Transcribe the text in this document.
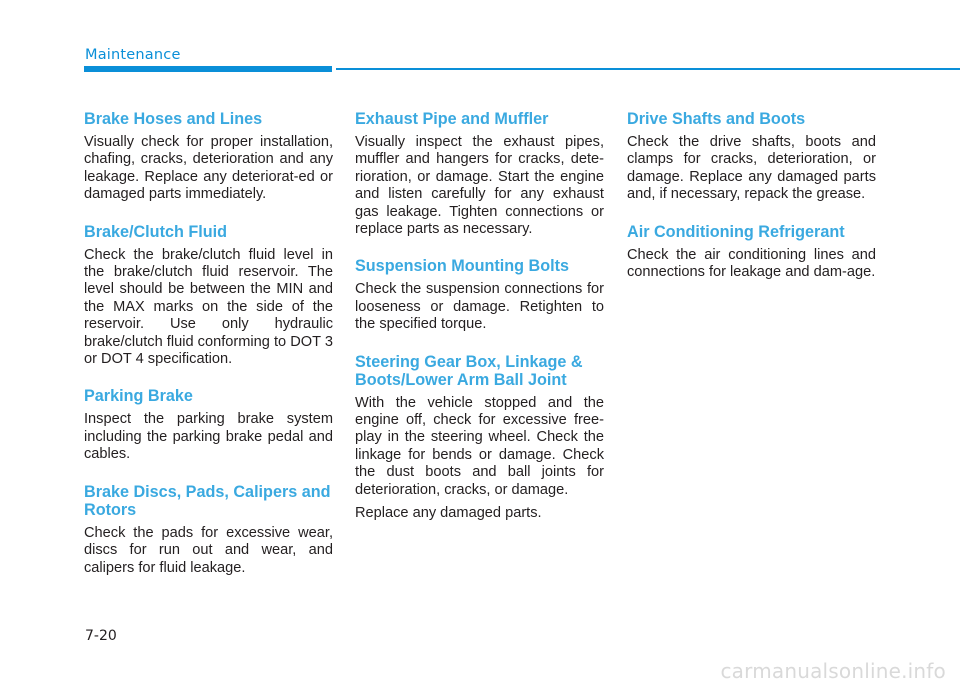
Maintenance
Brake Hoses and Lines

Visually check for proper installation, chafing, cracks, deterioration and any leakage. Replace any deteriorat-ed or damaged parts immediately.

Brake/Clutch Fluid

Check the brake/clutch fluid level in the brake/clutch fluid reservoir. The level should be between the MIN and the MAX marks on the side of the reservoir. Use only hydraulic brake/clutch fluid conforming to DOT 3 or DOT 4 specification.

Parking Brake

Inspect the parking brake system including the parking brake pedal and cables.

Brake Discs, Pads, Calipers and Rotors

Check the pads for excessive wear, discs for run out and wear, and calipers for fluid leakage.

Exhaust Pipe and Muffler

Visually inspect the exhaust pipes, muffler and hangers for cracks, dete-rioration, or damage. Start the engine and listen carefully for any exhaust gas leakage. Tighten connections or replace parts as necessary.

Suspension Mounting Bolts

Check the suspension connections for looseness or damage. Retighten to the specified torque.

Steering Gear Box, Linkage & Boots/Lower Arm Ball Joint

With the vehicle stopped and the engine off, check for excessive free-play in the steering wheel. Check the linkage for bends or damage. Check the dust boots and ball joints for deterioration, cracks, or damage.

Replace any damaged parts.

Drive Shafts and Boots

Check the drive shafts, boots and clamps for cracks, deterioration, or damage. Replace any damaged parts and, if necessary, repack the grease.

Air Conditioning Refrigerant

Check the air conditioning lines and connections for leakage and dam-age.

7-20
carmanualsonline.info
